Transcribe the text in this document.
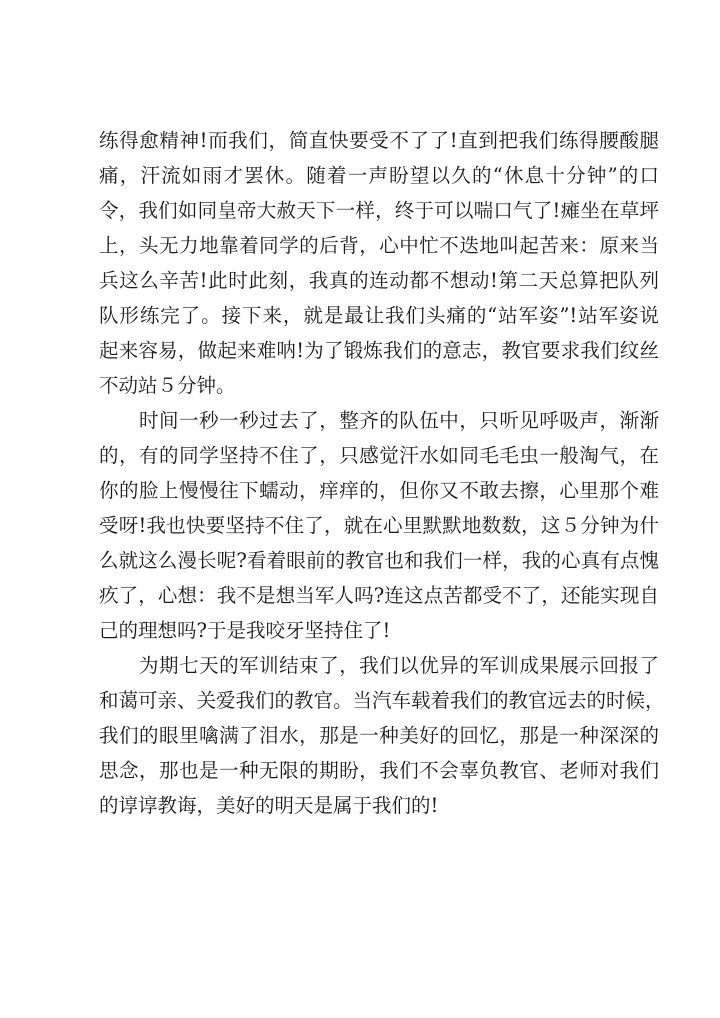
练得愈精神!而我们，简直快要受不了了!直到把我们练得腰酸腿
痛，汗流如雨才罢休。随着一声盼望以久的“休息十分钟”的口
令，我们如同皇帝大赦天下一样，终于可以喘口气了!瘫坐在草坪
上，头无力地靠着同学的后背，心中忙不迭地叫起苦来：原来当
兵这么辛苦!此时此刻，我真的连动都不想动!第二天总算把队列
队形练完了。接下来，就是最让我们头痛的“站军姿”!站军姿说
起来容易，做起来难呐!为了锻炼我们的意志，教官要求我们纹丝
不动站５分钟。
　　时间一秒一秒过去了，整齐的队伍中，只听见呼吸声，渐渐
的，有的同学坚持不住了，只感觉汗水如同毛毛虫一般淘气，在
你的脸上慢慢往下蠕动，痒痒的，但你又不敢去擦，心里那个难
受呀!我也快要坚持不住了，就在心里默默地数数，这５分钟为什
么就这么漫长呢?看着眼前的教官也和我们一样，我的心真有点愧
疚了，心想：我不是想当军人吗?连这点苦都受不了，还能实现自
己的理想吗?于是我咬牙坚持住了!
　　为期七天的军训结束了，我们以优异的军训成果展示回报了
和蔼可亲、关爱我们的教官。当汽车载着我们的教官远去的时候，
我们的眼里噙满了泪水，那是一种美好的回忆，那是一种深深的
思念，那也是一种无限的期盼，我们不会辜负教官、老师对我们
的谆谆教诲，美好的明天是属于我们的!
